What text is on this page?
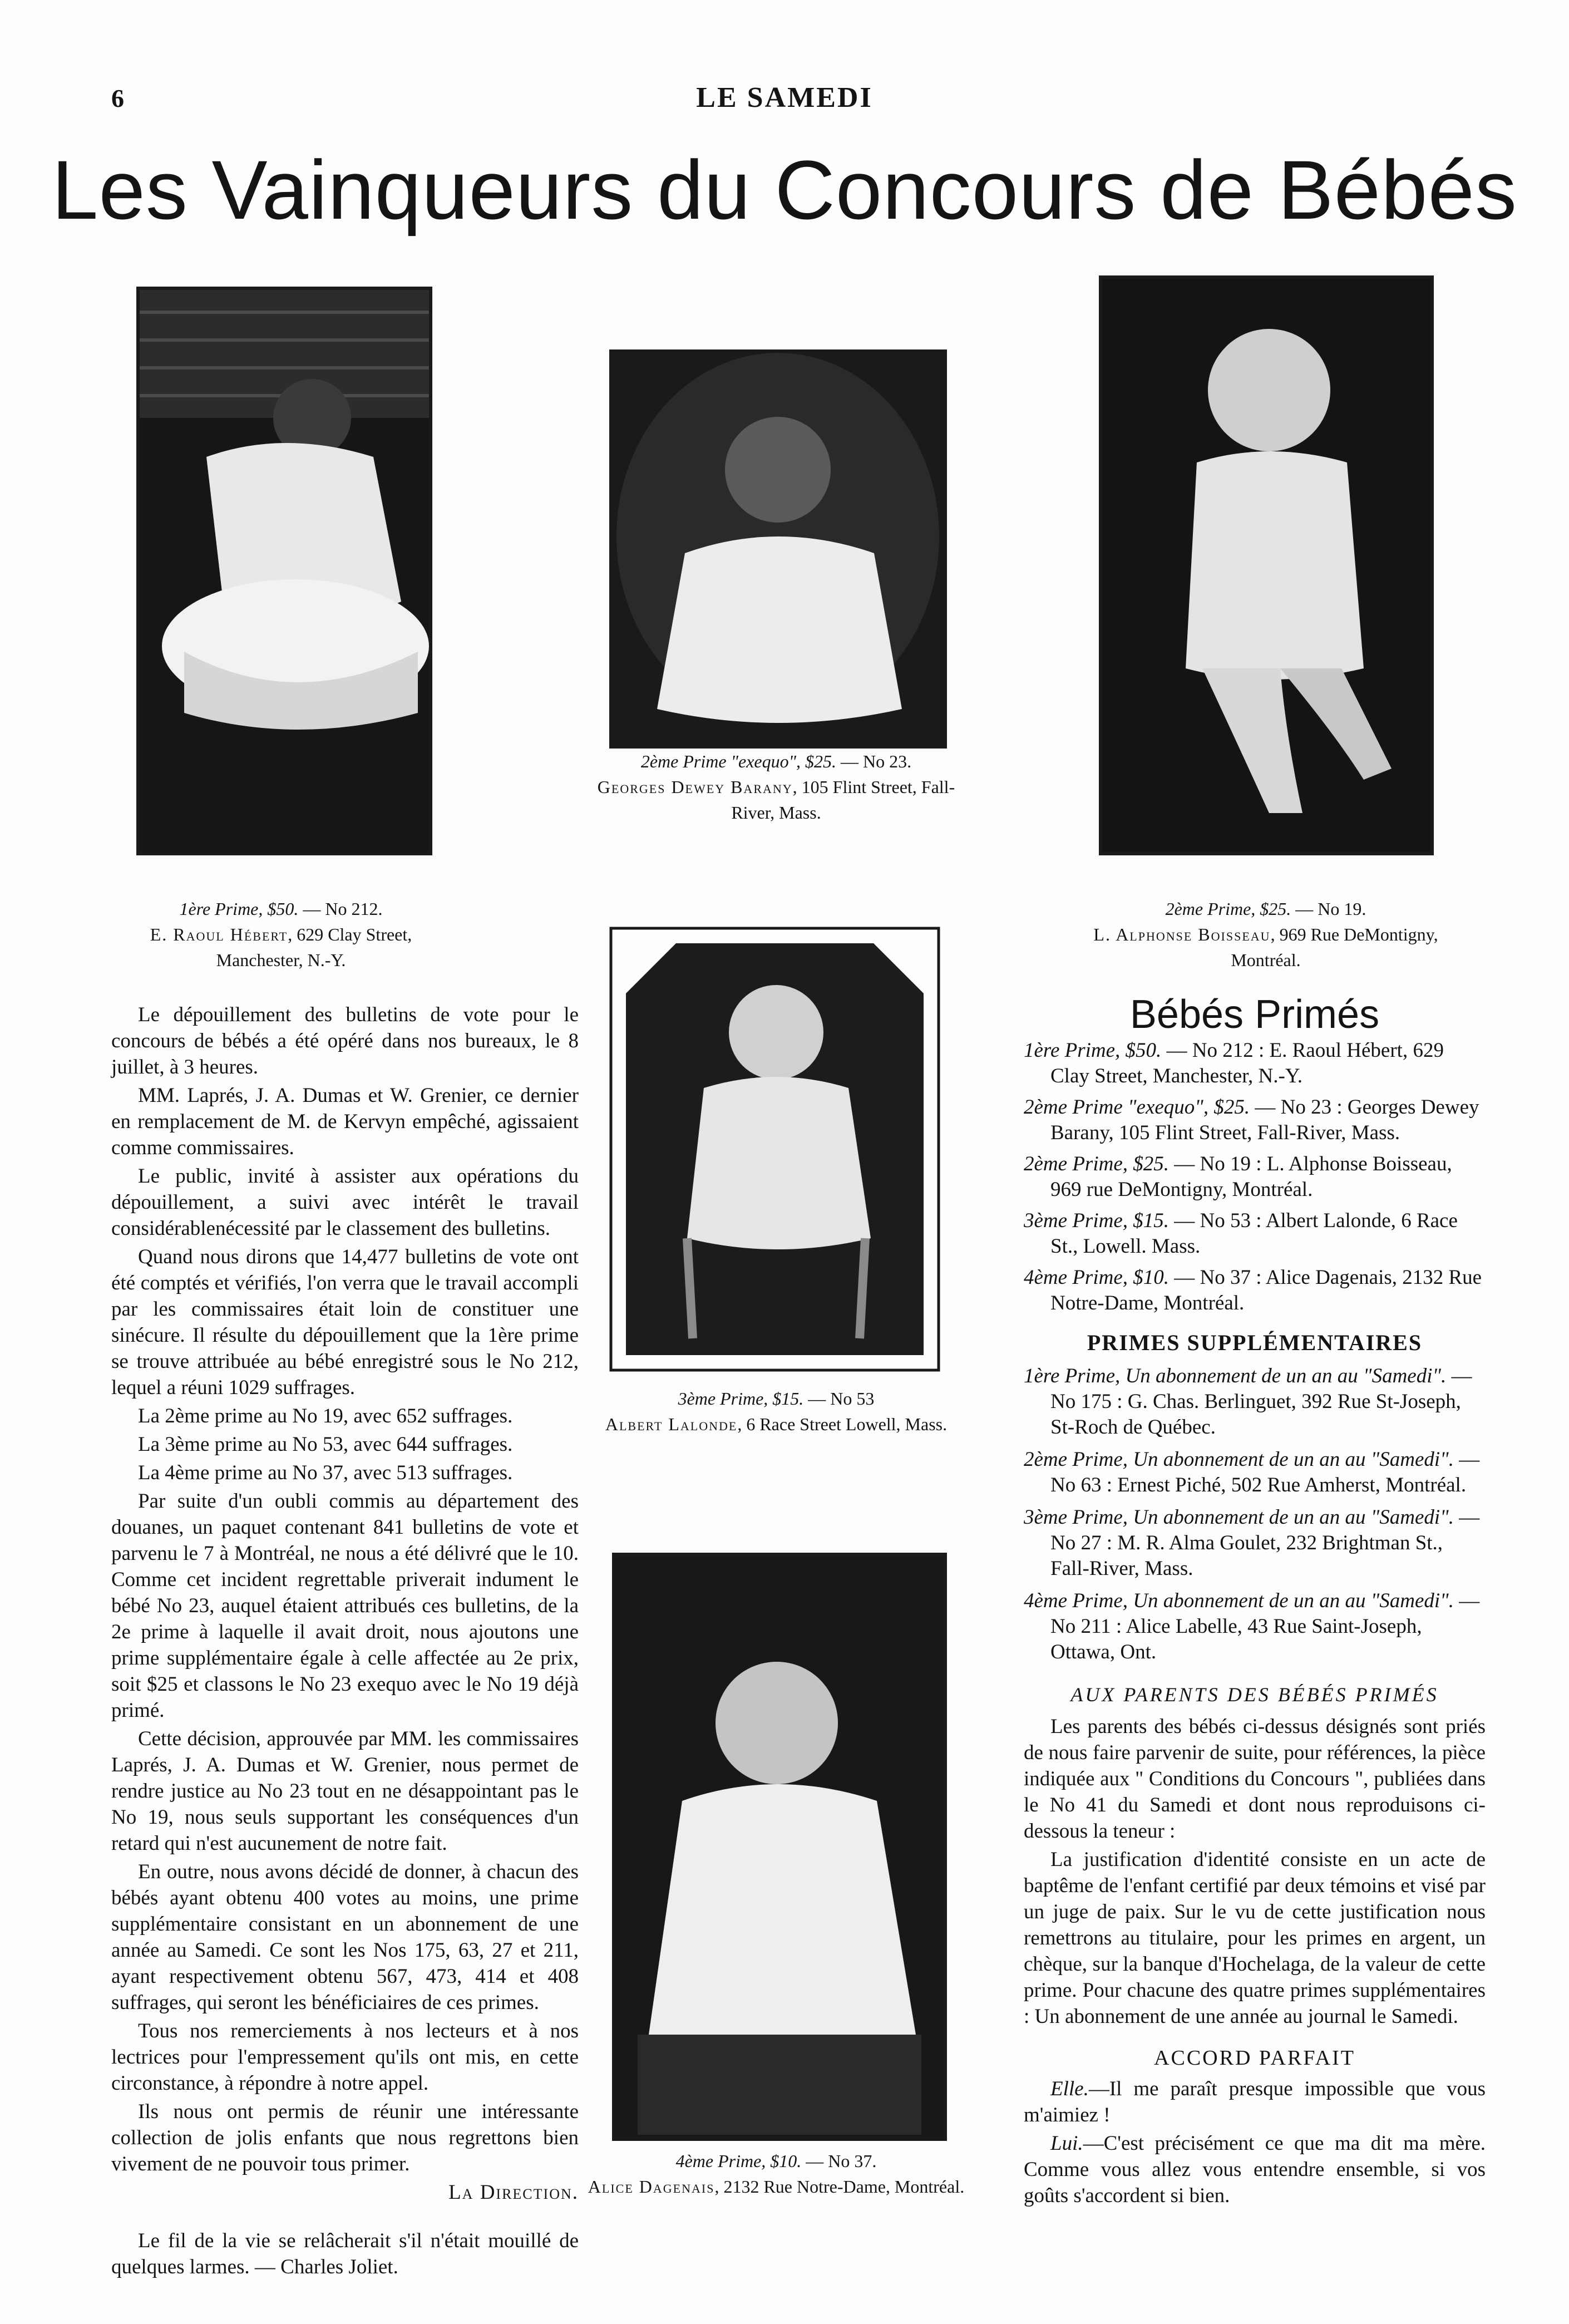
6	LE SAMEDI
Les Vainqueurs du Concours de Bébés
1ère Prime, $50. — No 212.
E. Raoul Hébert, 629 Clay Street, Manchester, N.-Y.
2ème Prime "exequo", $25. — No 23.
Georges Dewey Barany, 105 Flint Street, Fall-River, Mass.
2ème Prime, $25. — No 19.
L. Alphonse Boisseau, 969 Rue DeMontigny, Montréal.
3ème Prime, $15. — No 53
Albert Lalonde, 6 Race Street Lowell, Mass.
4ème Prime, $10. — No 37.
Alice Dagenais, 2132 Rue Notre-Dame, Montréal.

Le dépouillement des bulletins de vote pour le concours de bébés a été opéré dans nos bureaux, le 8 juillet, à 3 heures.

MM. Laprés, J. A. Dumas et W. Grenier, ce dernier en remplacement de M. de Kervyn empêché, agissaient comme commissaires.

Le public, invité à assister aux opérations du dépouillement, a suivi avec intérêt le travail considérablenécessité par le classement des bulletins.

Quand nous dirons que 14,477 bulletins de vote ont été comptés et vérifiés, l'on verra que le travail accompli par les commissaires était loin de constituer une sinécure. Il résulte du dépouillement que la 1ère prime se trouve attribuée au bébé enregistré sous le No 212, lequel a réuni 1029 suffrages.

La 2ème prime au No 19, avec 652 suffrages.

La 3ème prime au No 53, avec 644 suffrages.

La 4ème prime au No 37, avec 513 suffrages.

Par suite d'un oubli commis au département des douanes, un paquet contenant 841 bulletins de vote et parvenu le 7 à Montréal, ne nous a été délivré que le 10. Comme cet incident regrettable priverait indument le bébé No 23, auquel étaient attribués ces bulletins, de la 2e prime à laquelle il avait droit, nous ajoutons une prime supplémentaire égale à celle affectée au 2e prix, soit $25 et classons le No 23 exequo avec le No 19 déjà primé.

Cette décision, approuvée par MM. les commissaires Laprés, J. A. Dumas et W. Grenier, nous permet de rendre justice au No 23 tout en ne désappointant pas le No 19, nous seuls supportant les conséquences d'un retard qui n'est aucunement de notre fait.

En outre, nous avons décidé de donner, à chacun des bébés ayant obtenu 400 votes au moins, une prime supplémentaire consistant en un abonnement de une année au Samedi. Ce sont les Nos 175, 63, 27 et 211, ayant respectivement obtenu 567, 473, 414 et 408 suffrages, qui seront les bénéficiaires de ces primes.

Tous nos remerciements à nos lecteurs et à nos lectrices pour l'empressement qu'ils ont mis, en cette circonstance, à répondre à notre appel.

Ils nous ont permis de réunir une intéressante collection de jolis enfants que nous regrettons bien vivement de ne pouvoir tous primer.

La Direction.

Le fil de la vie se relâcherait s'il n'était mouillé de quelques larmes. — Charles Joliet.

Bébés Primés
1ère Prime, $50. — No 212 : E. Raoul Hébert, 629 Clay Street, Manchester, N.-Y.
2ème Prime "exequo", $25. — No 23 : Georges Dewey Barany, 105 Flint Street, Fall-River, Mass.
2ème Prime, $25. — No 19 : L. Alphonse Boisseau, 969 rue DeMontigny, Montréal.
3ème Prime, $15. — No 53 : Albert Lalonde, 6 Race St., Lowell. Mass.
4ème Prime, $10. — No 37 : Alice Dagenais, 2132 Rue Notre-Dame, Montréal.
PRIMES SUPPLÉMENTAIRES
1ère Prime, Un abonnement de un an au "Samedi". — No 175 : G. Chas. Berlinguet, 392 Rue St-Joseph, St-Roch de Québec.
2ème Prime, Un abonnement de un an au "Samedi". — No 63 : Ernest Piché, 502 Rue Amherst, Montréal.
3ème Prime, Un abonnement de un an au "Samedi". — No 27 : M. R. Alma Goulet, 232 Brightman St., Fall-River, Mass.
4ème Prime, Un abonnement de un an au "Samedi". — No 211 : Alice Labelle, 43 Rue Saint-Joseph, Ottawa, Ont.
AUX PARENTS DES BÉBÉS PRIMÉS

Les parents des bébés ci-dessus désignés sont priés de nous faire parvenir de suite, pour références, la pièce indiquée aux " Conditions du Concours ", publiées dans le No 41 du Samedi et dont nous reproduisons ci-dessous la teneur :

La justification d'identité consiste en un acte de baptême de l'enfant certifié par deux témoins et visé par un juge de paix. Sur le vu de cette justification nous remettrons au titulaire, pour les primes en argent, un chèque, sur la banque d'Hochelaga, de la valeur de cette prime. Pour chacune des quatre primes supplémentaires : Un abonnement de une année au journal le Samedi.

ACCORD PARFAIT

Elle.—Il me paraît presque impossible que vous m'aimiez !

Lui.—C'est précisément ce que ma dit ma mère. Comme vous allez vous entendre ensemble, si vos goûts s'accordent si bien.
